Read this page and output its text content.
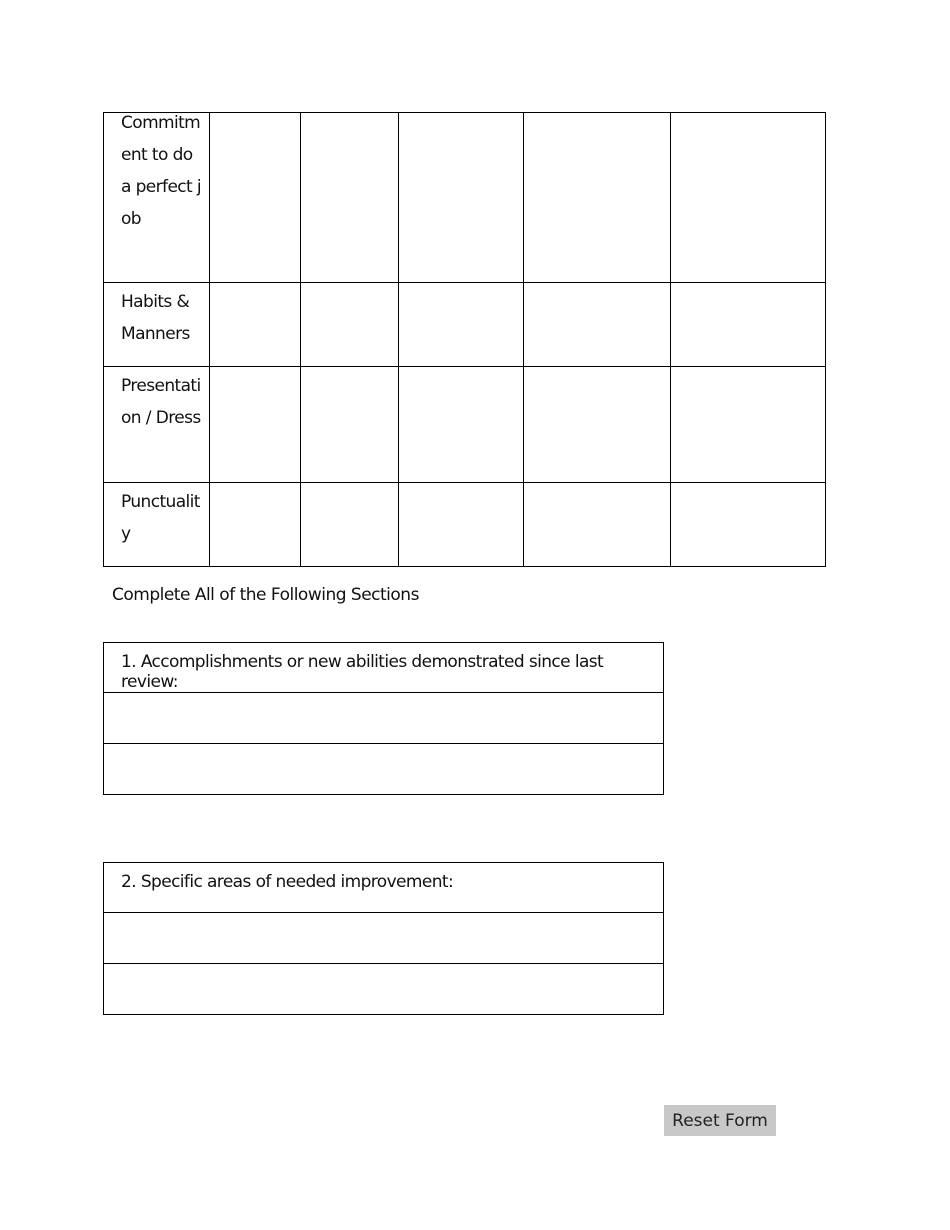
Commitment to do a perfect job					

Habits & Manners					

Presentation / Dress					

Punctuality					

Complete All of the Following Sections
1. Accomplishments or new abilities demonstrated since last review:

2. Specific areas of needed improvement:

Reset Form
